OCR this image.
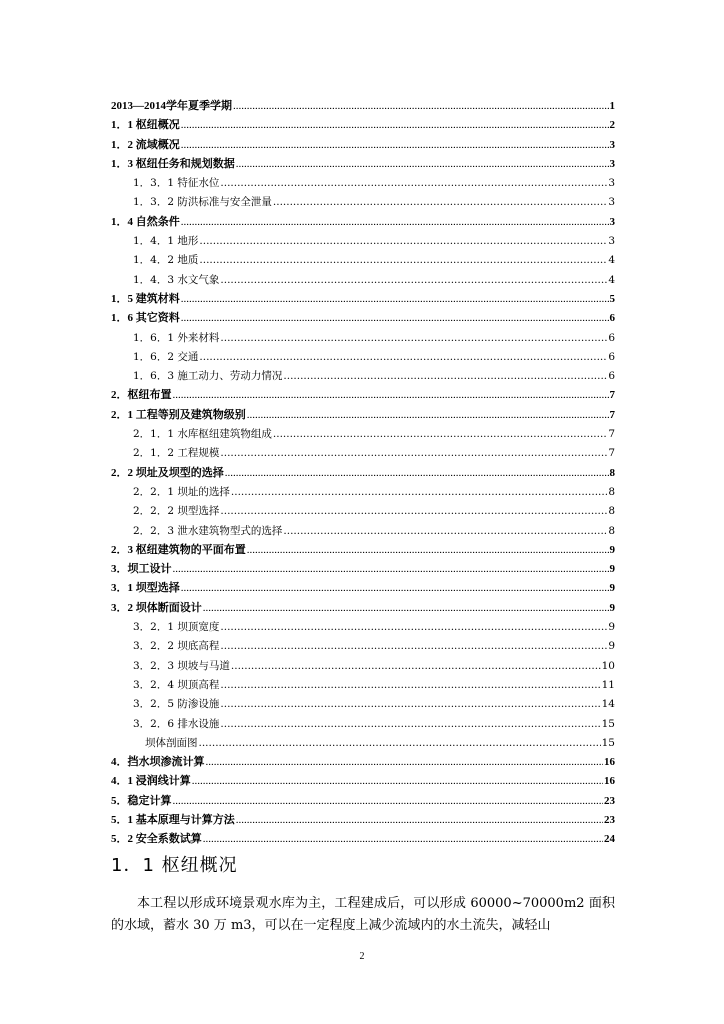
2013—2014学年夏季学期 .....	1
1．1 枢纽概况 .....	2
1．2 流域概况 .....	3
1．3 枢纽任务和规划数据 .....	3
1．3．1 特征水位 .....	3
1．3．2 防洪标准与安全泄量 .....	3
1．4 自然条件 .....	3
1．4．1 地形 .....	3
1．4．2 地质 .....	4
1．4．3 水文气象 .....	4
1．5 建筑材料 .....	5
1．6 其它资料 .....	6
1．6．1 外来材料 .....	6
1．6．2 交通 .....	6
1．6．3 施工动力、劳动力情况 .....	6
2．枢纽布置 .....	7
2．1 工程等别及建筑物级别 .....	7
2．1．1 水库枢纽建筑物组成 .....	7
2．1．2 工程规模 .....	7
2．2 坝址及坝型的选择 .....	8
2．2．1 坝址的选择 .....	8
2．2．2 坝型选择 .....	8
2．2．3 泄水建筑物型式的选择 .....	8
2．3 枢纽建筑物的平面布置 .....	9
3．坝工设计 .....	9
3．1 坝型选择 .....	9
3．2 坝体断面设计 .....	9
3．2．1 坝顶宽度 .....	9
3．2．2 坝底高程 .....	9
3．2．3 坝坡与马道 .....	10
3．2．4 坝顶高程 .....	11
3．2．5 防渗设施 .....	14
3．2．6 排水设施 .....	15
坝体剖面图 .....	15
4．挡水坝渗流计算 .....	16
4．1 浸润线计算 .....	16
5．稳定计算 .....	23
5．1 基本原理与计算方法 .....	23
5．2 安全系数试算 .....	24
1．1 枢纽概况
本工程以形成环境景观水库为主，工程建成后，可以形成 60000~70000m2 面积的水域，蓄水 30 万 m3，可以在一定程度上减少流域内的水土流失，减轻山
2
